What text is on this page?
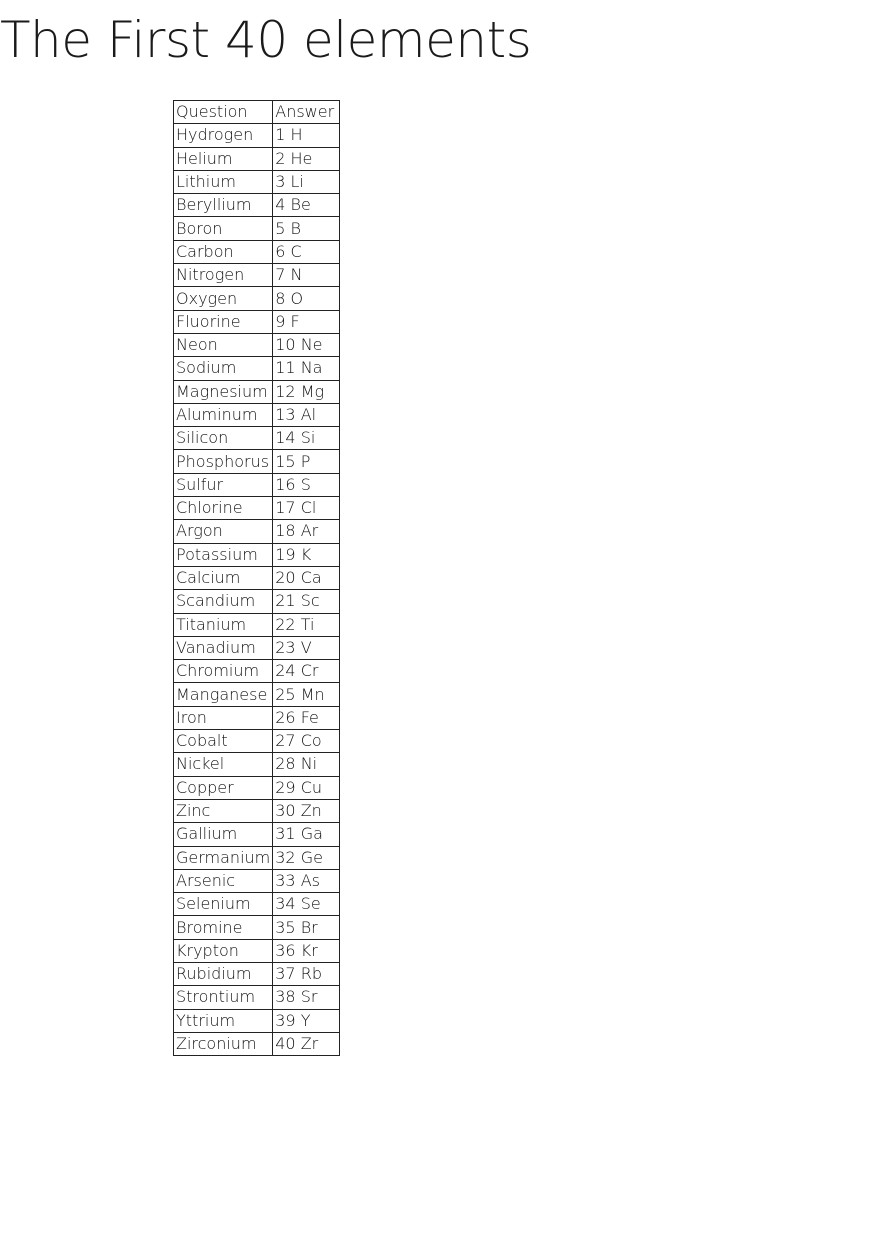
The First 40 elements
Question	Answer
Hydrogen	1 H
Helium	2 He
Lithium	3 Li
Beryllium	4 Be
Boron	5 B
Carbon	6 C
Nitrogen	7 N
Oxygen	8 O
Fluorine	9 F
Neon	10 Ne
Sodium	11 Na
Magnesium	12 Mg
Aluminum	13 Al
Silicon	14 Si
Phosphorus	15 P
Sulfur	16 S
Chlorine	17 Cl
Argon	18 Ar
Potassium	19 K
Calcium	20 Ca
Scandium	21 Sc
Titanium	22 Ti
Vanadium	23 V
Chromium	24 Cr
Manganese	25 Mn
Iron	26 Fe
Cobalt	27 Co
Nickel	28 Ni
Copper	29 Cu
Zinc	30 Zn
Gallium	31 Ga
Germanium	32 Ge
Arsenic	33 As
Selenium	34 Se
Bromine	35 Br
Krypton	36 Kr
Rubidium	37 Rb
Strontium	38 Sr
Yttrium	39 Y
Zirconium	40 Zr
